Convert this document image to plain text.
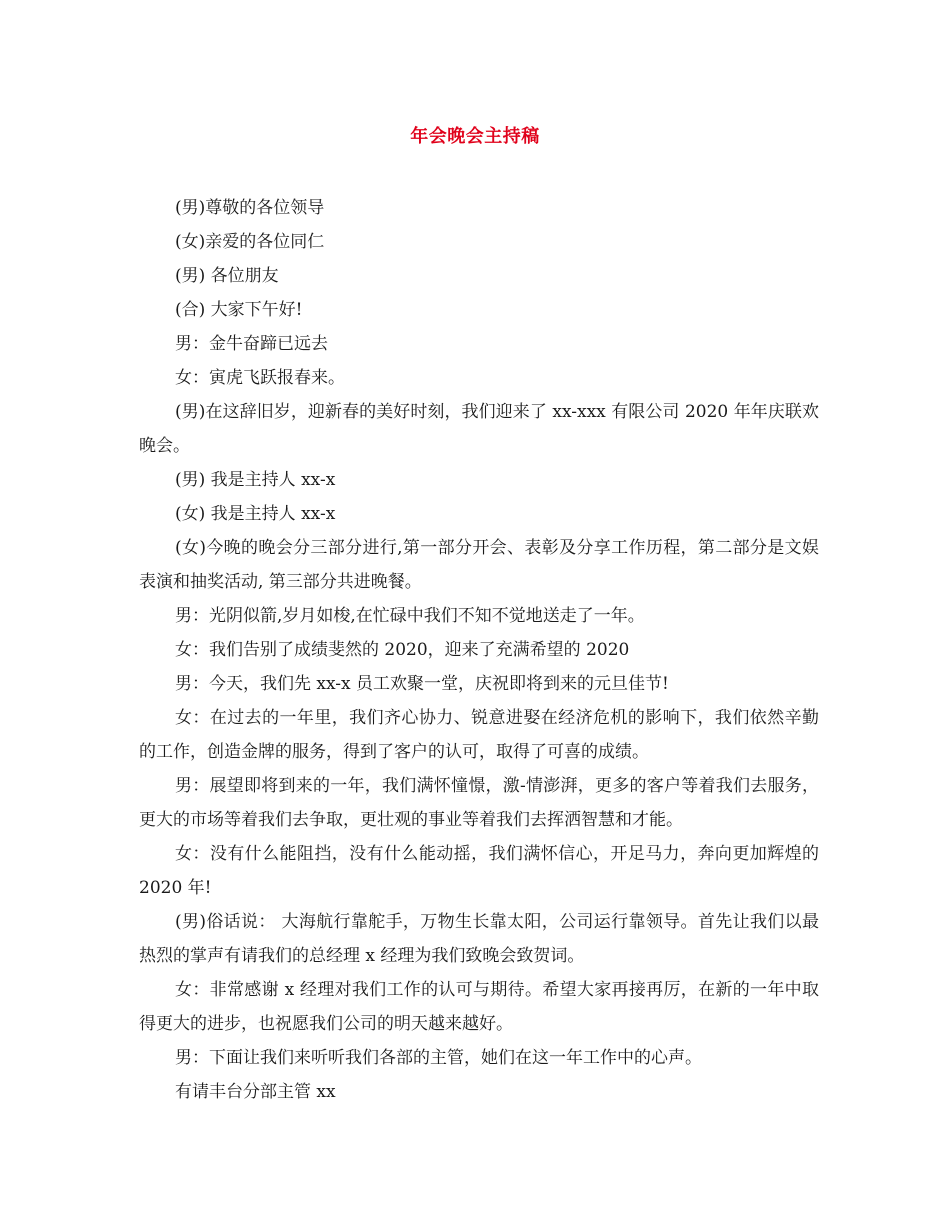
年会晚会主持稿

(男)尊敬的各位领导

(女)亲爱的各位同仁

(男) 各位朋友

(合) 大家下午好!

男：金牛奋蹄已远去

女：寅虎飞跃报春来。

(男)在这辞旧岁，迎新春的美好时刻，我们迎来了 xx-xxx 有限公司 2020 年年庆联欢晚会。

(男) 我是主持人 xx-x

(女) 我是主持人 xx-x

(女)今晚的晚会分三部分进行,第一部分开会、表彰及分享工作历程，第二部分是文娱表演和抽奖活动, 第三部分共进晚餐。

男：光阴似箭,岁月如梭,在忙碌中我们不知不觉地送走了一年。

女：我们告别了成绩斐然的 2020，迎来了充满希望的 2020

男：今天，我们先 xx-x 员工欢聚一堂，庆祝即将到来的元旦佳节!

女：在过去的一年里，我们齐心协力、锐意进娶在经济危机的影响下，我们依然辛勤的工作，创造金牌的服务，得到了客户的认可，取得了可喜的成绩。

男：展望即将到来的一年，我们满怀憧憬，激-情澎湃，更多的客户等着我们去服务，更大的市场等着我们去争取，更壮观的事业等着我们去挥洒智慧和才能。

女：没有什么能阻挡，没有什么能动摇，我们满怀信心，开足马力，奔向更加辉煌的 2020 年!

(男)俗话说： 大海航行靠舵手，万物生长靠太阳，公司运行靠领导。首先让我们以最热烈的掌声有请我们的总经理 x 经理为我们致晚会致贺词。

女：非常感谢 x 经理对我们工作的认可与期待。希望大家再接再厉，在新的一年中取得更大的进步，也祝愿我们公司的明天越来越好。

男：下面让我们来听听我们各部的主管，她们在这一年工作中的心声。

有请丰台分部主管 xx
